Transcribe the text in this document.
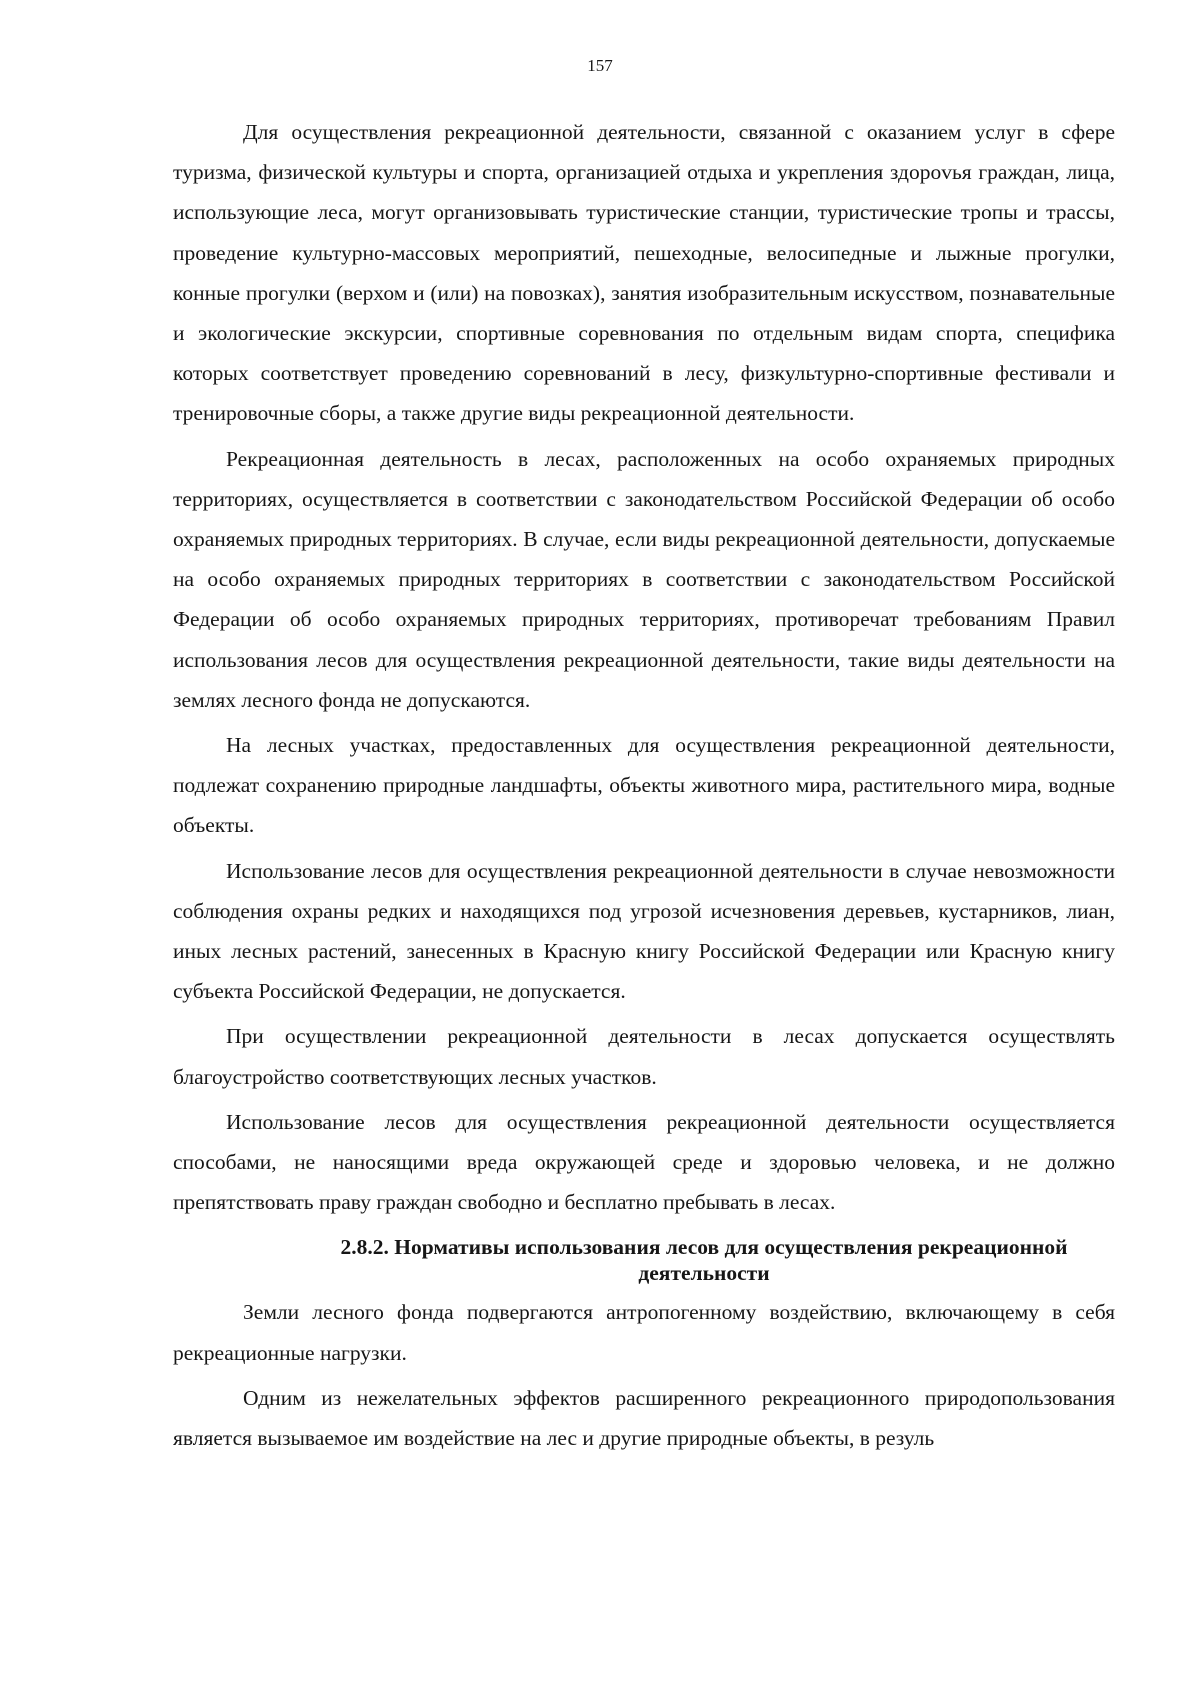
157

Для осуществления рекреационной деятельности, связанной с оказанием услуг в сфере туризма, физической культуры и спорта, организацией отдыха и укрепления здороvья граждан, лица, использующие леса, могут организовывать туристические станции, туристические тропы и трассы, проведение культурно-массовых мероприятий, пешеходные, велосипедные и лыжные прогулки, конные прогулки (верхом и (или) на повозках), занятия изобразительным искусством, познавательные и экологические экскурсии, спортивные соревнования по отдельным видам спорта, специфика которых соответствует проведению соревнований в лесу, физкультурно-спортивные фестивали и тренировочные сборы, а также другие виды рекреационной деятельности.

Рекреационная деятельность в лесах, расположенных на особо охраняемых природных территориях, осуществляется в соответствии с законодательством Российской Федерации об особо охраняемых природных территориях. В случае, если виды рекреационной деятельности, допускаемые на особо охраняемых природных территориях в соответствии с законодательством Российской Федерации об особо охраняемых природных территориях, противоречат требованиям Правил использования лесов для осуществления рекреационной деятельности, такие виды деятельности на землях лесного фонда не допускаются.

На лесных участках, предоставленных для осуществления рекреационной деятельности, подлежат сохранению природные ландшафты, объекты животного мира, растительного мира, водные объекты.

Использование лесов для осуществления рекреационной деятельности в случае невозможности соблюдения охраны редких и находящихся под угрозой исчезновения деревьев, кустарников, лиан, иных лесных растений, занесенных в Красную книгу Российской Федерации или Красную книгу субъекта Российской Федерации, не допускается.

При осуществлении рекреационной деятельности в лесах допускается осуществлять благоустройство соответствующих лесных участков.

Использование лесов для осуществления рекреационной деятельности осуществляется способами, не наносящими вреда окружающей среде и здоровью человека, и не должно препятствовать праву граждан свободно и бесплатно пребывать в лесах.

2.8.2. Нормативы использования лесов для осуществления рекреационной
деятельности

Земли лесного фонда подвергаются антропогенному воздействию, включающему в себя рекреационные нагрузки.

Одним из нежелательных эффектов расширенного рекреационного природопользования является вызываемое им воздействие на лес и другие природные объекты, в резуль
